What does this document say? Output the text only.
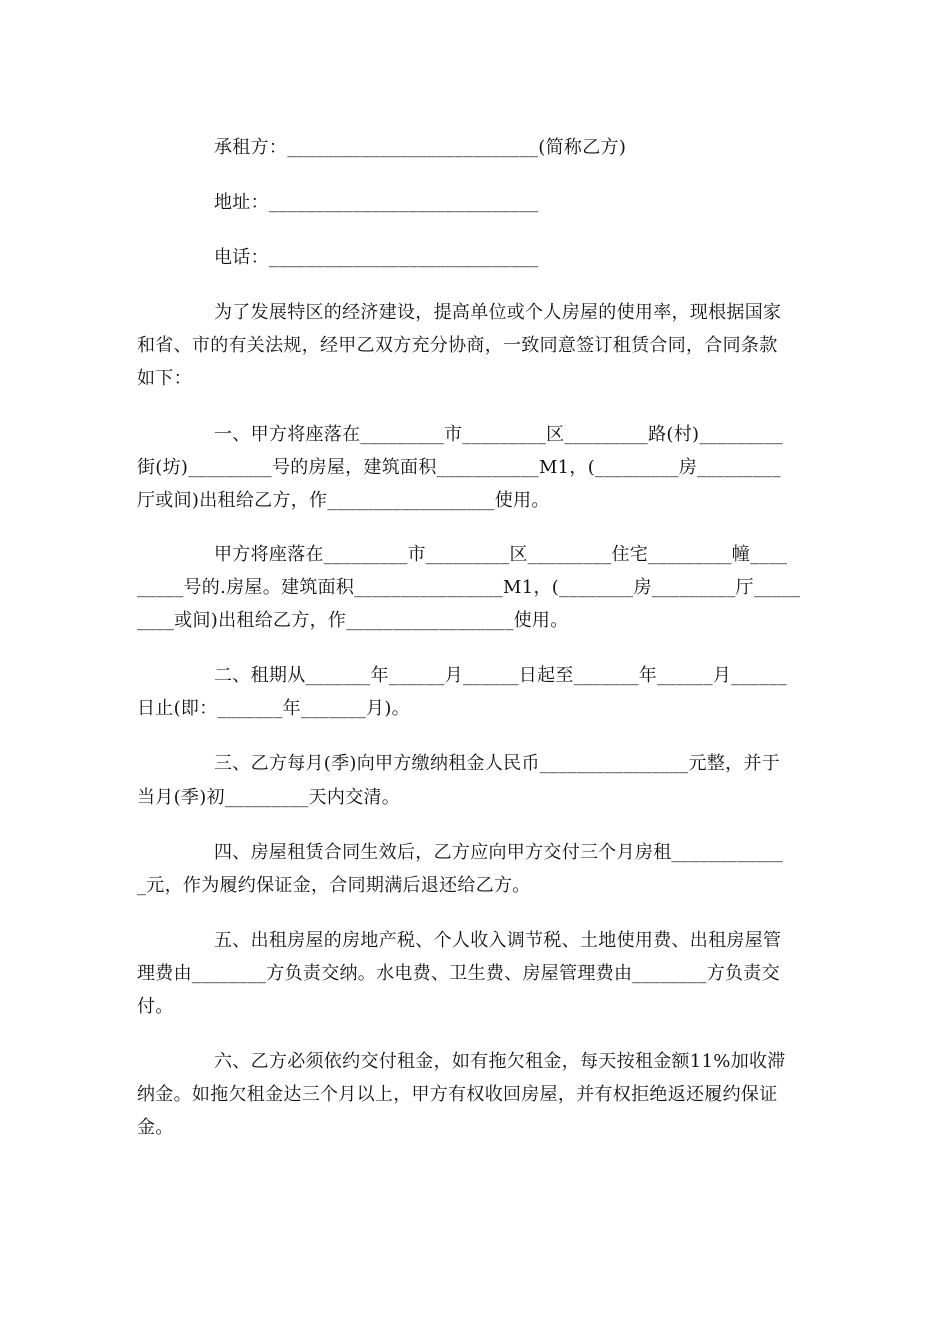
承租方：___________________________(简称乙方)
地址：_____________________________
电话：_____________________________
为了发展特区的经济建设，提高单位或个人房屋的使用率，现根据国家
和省、市的有关法规，经甲乙双方充分协商，一致同意签订租赁合同，合同条款
如下：
一、甲方将座落在_________市_________区_________路(村)_________
街(坊)_________号的房屋，建筑面积___________M1，(_________房_________
厅或间)出租给乙方，作__________________使用。
甲方将座落在_________市_________区_________住宅_________幢____
_____号的.房屋。建筑面积________________M1，(________房_________厅_____
____或间)出租给乙方，作__________________使用。
二、租期从_______年______月______日起至_______年______月______
日止(即：_______年_______月)。
三、乙方每月(季)向甲方缴纳租金人民币________________元整，并于
当月(季)初_________天内交清。
四、房屋租赁合同生效后，乙方应向甲方交付三个月房租____________
_元，作为履约保证金，合同期满后退还给乙方。
五、出租房屋的房地产税、个人收入调节税、土地使用费、出租房屋管
理费由________方负责交纳。水电费、卫生费、房屋管理费由________方负责交
付。
六、乙方必须依约交付租金，如有拖欠租金，每天按租金额11%加收滞
纳金。如拖欠租金达三个月以上，甲方有权收回房屋，并有权拒绝返还履约保证
金。
